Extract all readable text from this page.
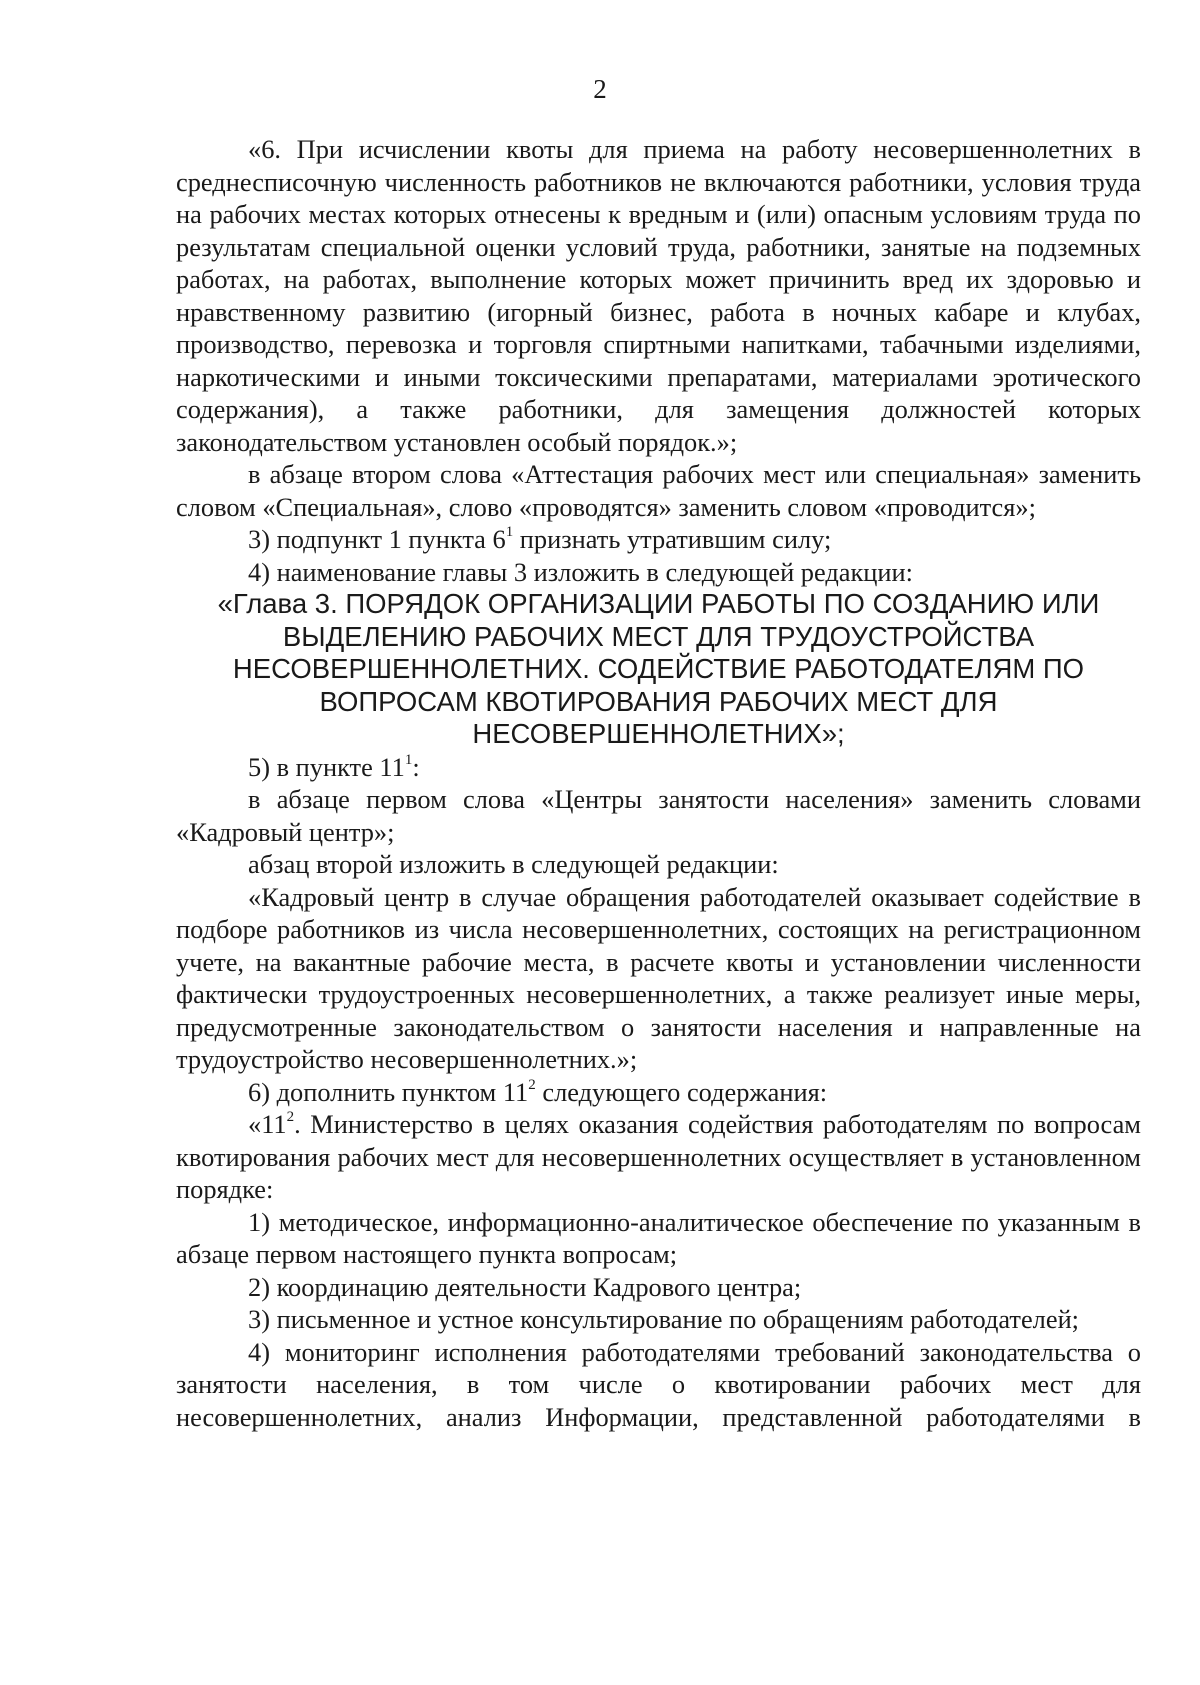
2

«6. При исчислении квоты для приема на работу несовершеннолетних в среднесписочную численность работников не включаются работники, условия труда на рабочих местах которых отнесены к вредным и (или) опасным условиям труда по результатам специальной оценки условий труда, работники, занятые на подземных работах, на работах, выполнение которых может причинить вред их здоровью и нравственному развитию (игорный бизнес, работа в ночных кабаре и клубах, производство, перевозка и торговля спиртными напитками, табачными изделиями, наркотическими и иными токсическими препаратами, материалами эротического содержания), а также работники, для замещения должностей которых законодательством установлен особый порядок.»;

в абзаце втором слова «Аттестация рабочих мест или специальная» заменить словом «Специальная», слово «проводятся» заменить словом «проводится»;

3) подпункт 1 пункта $6^1$ признать утратившим силу;

4) наименование главы 3 изложить в следующей редакции:

«Глава 3. ПОРЯДОК ОРГАНИЗАЦИИ РАБОТЫ ПО СОЗДАНИЮ ИЛИ
ВЫДЕЛЕНИЮ РАБОЧИХ МЕСТ ДЛЯ ТРУДОУСТРОЙСТВА
НЕСОВЕРШЕННОЛЕТНИХ. СОДЕЙСТВИЕ РАБОТОДАТЕЛЯМ ПО
ВОПРОСАМ КВОТИРОВАНИЯ РАБОЧИХ МЕСТ ДЛЯ
НЕСОВЕРШЕННОЛЕТНИХ»;

5) в пункте $11^1$:

в абзаце первом слова «Центры занятости населения» заменить словами «Кадровый центр»;

абзац второй изложить в следующей редакции:

«Кадровый центр в случае обращения работодателей оказывает содействие в подборе работников из числа несовершеннолетних, состоящих на регистрационном учете, на вакантные рабочие места, в расчете квоты и установлении численности фактически трудоустроенных несовершеннолетних, а также реализует иные меры, предусмотренные законодательством о занятости населения и направленные на трудоустройство несовершеннолетних.»;

6) дополнить пунктом $11^2$ следующего содержания:

«$11^2$. Министерство в целях оказания содействия работодателям по вопросам квотирования рабочих мест для несовершеннолетних осуществляет в установленном порядке:

1) методическое, информационно-аналитическое обеспечение по указанным в абзаце первом настоящего пункта вопросам;

2) координацию деятельности Кадрового центра;

3) письменное и устное консультирование по обращениям работодателей;

4) мониторинг исполнения работодателями требований законодательства о занятости населения, в том числе о квотировании рабочих мест для несовершеннолетних, анализ Информации, представленной работодателями в
